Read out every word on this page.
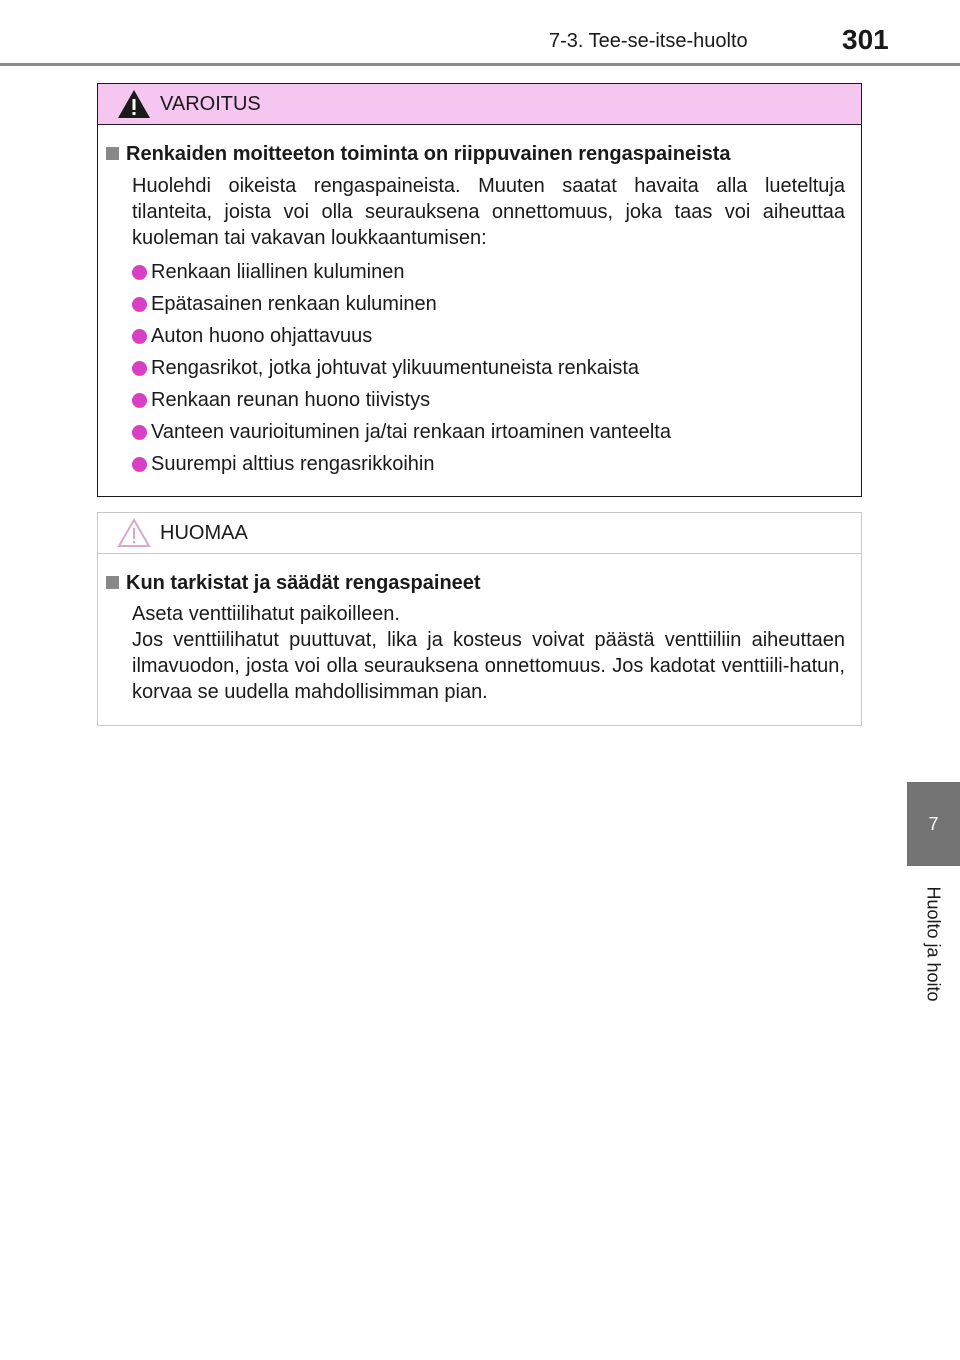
7-3. Tee-se-itse-huolto	301
7
Huolto ja hoito
VAROITUS
Renkaiden moitteeton toiminta on riippuvainen rengaspaineista
Huolehdi oikeista rengaspaineista. Muuten saatat havaita alla lueteltuja tilanteita, joista voi olla seurauksena onnettomuus, joka taas voi aiheuttaa kuoleman tai vakavan loukkaantumisen:
Renkaan liiallinen kuluminen
Epätasainen renkaan kuluminen
Auton huono ohjattavuus
Rengasrikot, jotka johtuvat ylikuumentuneista renkaista
Renkaan reunan huono tiivistys
Vanteen vaurioituminen ja/tai renkaan irtoaminen vanteelta
Suurempi alttius rengasrikkoihin
HUOMAA
Kun tarkistat ja säädät rengaspaineet
Aseta venttiilihatut paikoilleen.
Jos venttiilihatut puuttuvat, lika ja kosteus voivat päästä venttiiliin aiheuttaen ilmavuodon, josta voi olla seurauksena onnettomuus. Jos kadotat venttiili-hatun, korvaa se uudella mahdollisimman pian.
